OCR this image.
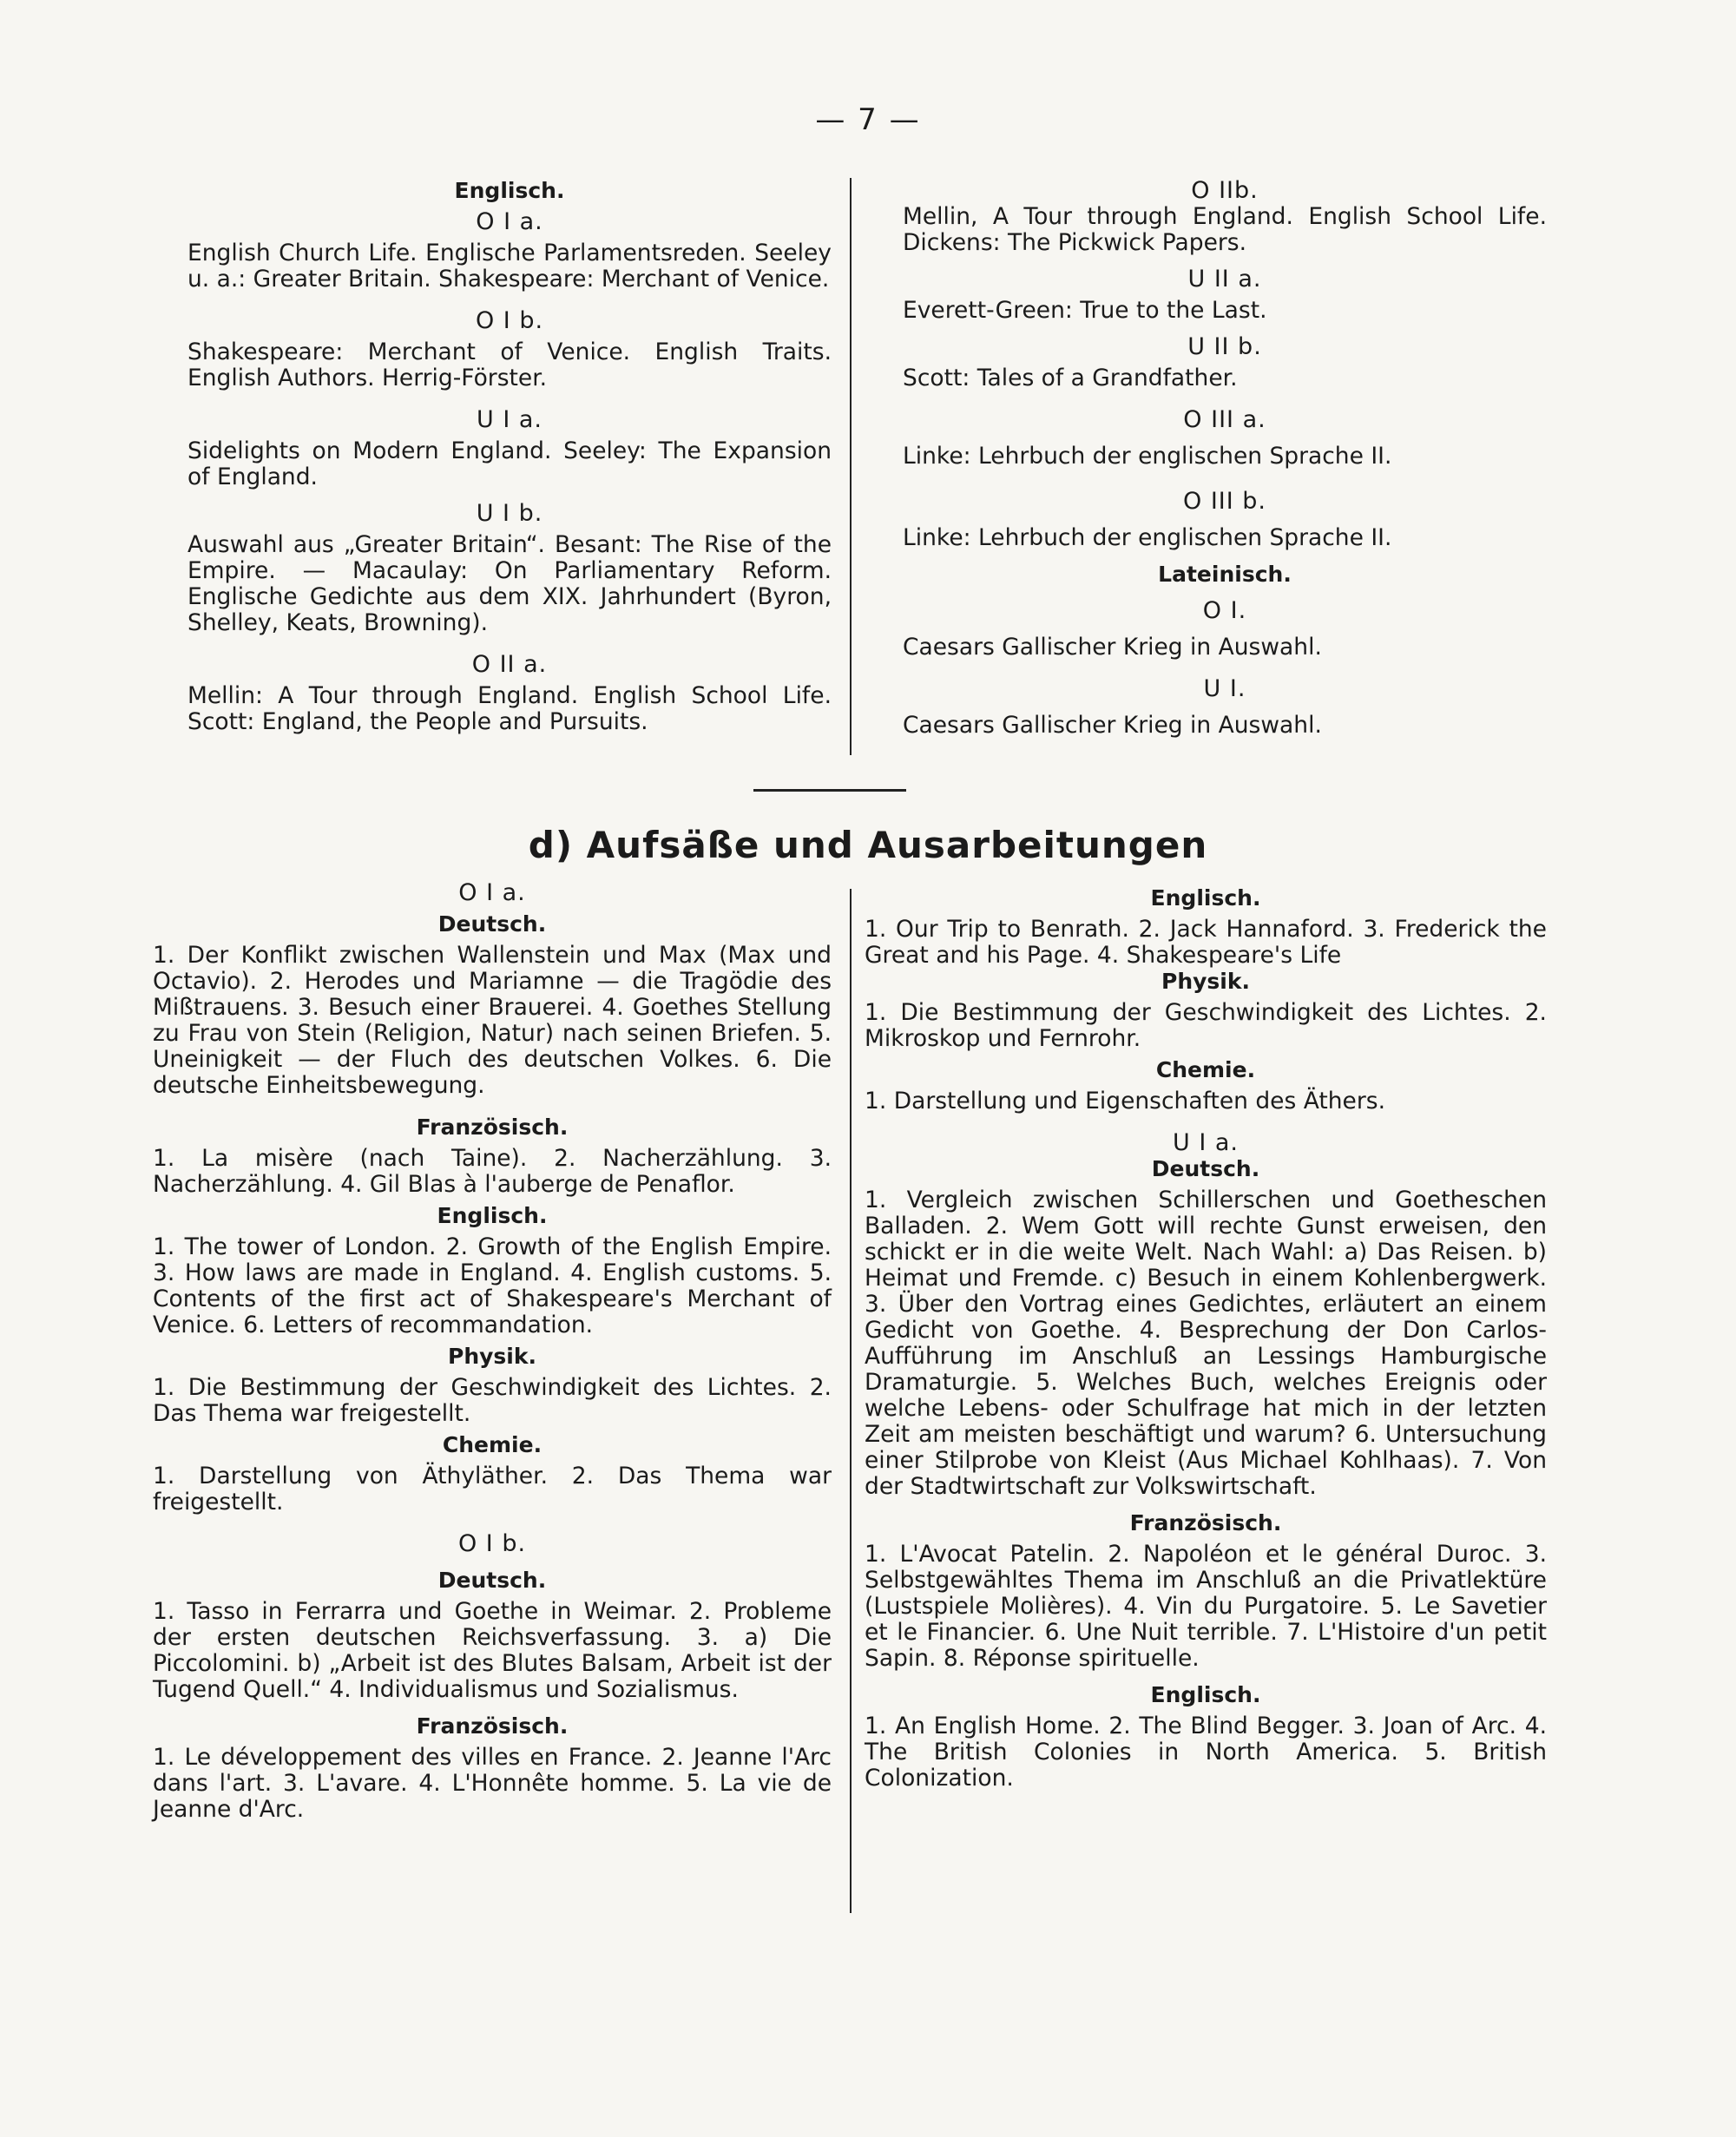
— 7 —
Englisch.
O I a.

English Church Life. Englische Parlamentsreden. Seeley u. a.: Greater Britain. Shakespeare: Merchant of Venice.

O I b.

Shakespeare: Merchant of Venice. English Traits. English Authors. Herrig-Förster.

U I a.

Sidelights on Modern England. Seeley: The Expansion of England.

U I b.

Auswahl aus „Greater Britain“. Besant: The Rise of the Empire. — Macaulay: On Parliamentary Reform. Englische Gedichte aus dem XIX. Jahrhundert (Byron, Shelley, Keats, Browning).

O II a.

Mellin: A Tour through England. English School Life. Scott: England, the People and Pursuits.

O IIb.

Mellin, A Tour through England. English School Life. Dickens: The Pickwick Papers.

U II a.

Everett-Green: True to the Last.

U II b.

Scott: Tales of a Grandfather.

O III a.

Linke: Lehrbuch der englischen Sprache II.

O III b.

Linke: Lehrbuch der englischen Sprache II.

Lateinisch.
O I.

Caesars Gallischer Krieg in Auswahl.

U I.

Caesars Gallischer Krieg in Auswahl.

d) Aufsäße und Ausarbeitungen
O I a.
Deutsch.

1. Der Konflikt zwischen Wallenstein und Max (Max und Octavio). 2. Herodes und Mariamne — die Tragödie des Mißtrauens. 3. Besuch einer Brauerei. 4. Goethes Stellung zu Frau von Stein (Religion, Natur) nach seinen Briefen. 5. Uneinigkeit — der Fluch des deutschen Volkes. 6. Die deutsche Einheitsbewegung.

Französisch.

1. La misère (nach Taine). 2. Nacherzählung. 3. Nacherzählung. 4. Gil Blas à l'auberge de Penaflor.

Englisch.

1. The tower of London. 2. Growth of the English Empire. 3. How laws are made in England. 4. English customs. 5. Contents of the first act of Shakespeare's Merchant of Venice. 6. Letters of recommandation.

Physik.

1. Die Bestimmung der Geschwindigkeit des Lichtes. 2. Das Thema war freigestellt.

Chemie.

1. Darstellung von Äthyläther. 2. Das Thema war freigestellt.

O I b.
Deutsch.

1. Tasso in Ferrarra und Goethe in Weimar. 2. Probleme der ersten deutschen Reichsverfassung. 3. a) Die Piccolomini. b) „Arbeit ist des Blutes Balsam, Arbeit ist der Tugend Quell.“ 4. Individualismus und Sozialismus.

Französisch.

1. Le développement des villes en France. 2. Jeanne l'Arc dans l'art. 3. L'avare. 4. L'Honnête homme. 5. La vie de Jeanne d'Arc.

Englisch.

1. Our Trip to Benrath. 2. Jack Hannaford. 3. Frederick the Great and his Page. 4. Shakespeare's Life

Physik.

1. Die Bestimmung der Geschwindigkeit des Lichtes. 2. Mikroskop und Fernrohr.

Chemie.

1. Darstellung und Eigenschaften des Äthers.

U I a.
Deutsch.

1. Vergleich zwischen Schillerschen und Goetheschen Balladen. 2. Wem Gott will rechte Gunst erweisen, den schickt er in die weite Welt. Nach Wahl: a) Das Reisen. b) Heimat und Fremde. c) Besuch in einem Kohlenbergwerk. 3. Über den Vortrag eines Gedichtes, erläutert an einem Gedicht von Goethe. 4. Besprechung der Don Carlos-Aufführung im Anschluß an Lessings Hamburgische Dramaturgie. 5. Welches Buch, welches Ereignis oder welche Lebens- oder Schulfrage hat mich in der letzten Zeit am meisten beschäftigt und warum? 6. Untersuchung einer Stilprobe von Kleist (Aus Michael Kohlhaas). 7. Von der Stadtwirtschaft zur Volkswirtschaft.

Französisch.

1. L'Avocat Patelin. 2. Napoléon et le général Duroc. 3. Selbstgewähltes Thema im Anschluß an die Privatlektüre (Lustspiele Molières). 4. Vin du Purgatoire. 5. Le Savetier et le Financier. 6. Une Nuit terrible. 7. L'Histoire d'un petit Sapin. 8. Réponse spirituelle.

Englisch.

1. An English Home. 2. The Blind Begger. 3. Joan of Arc. 4. The British Colonies in North America. 5. British Colonization.
